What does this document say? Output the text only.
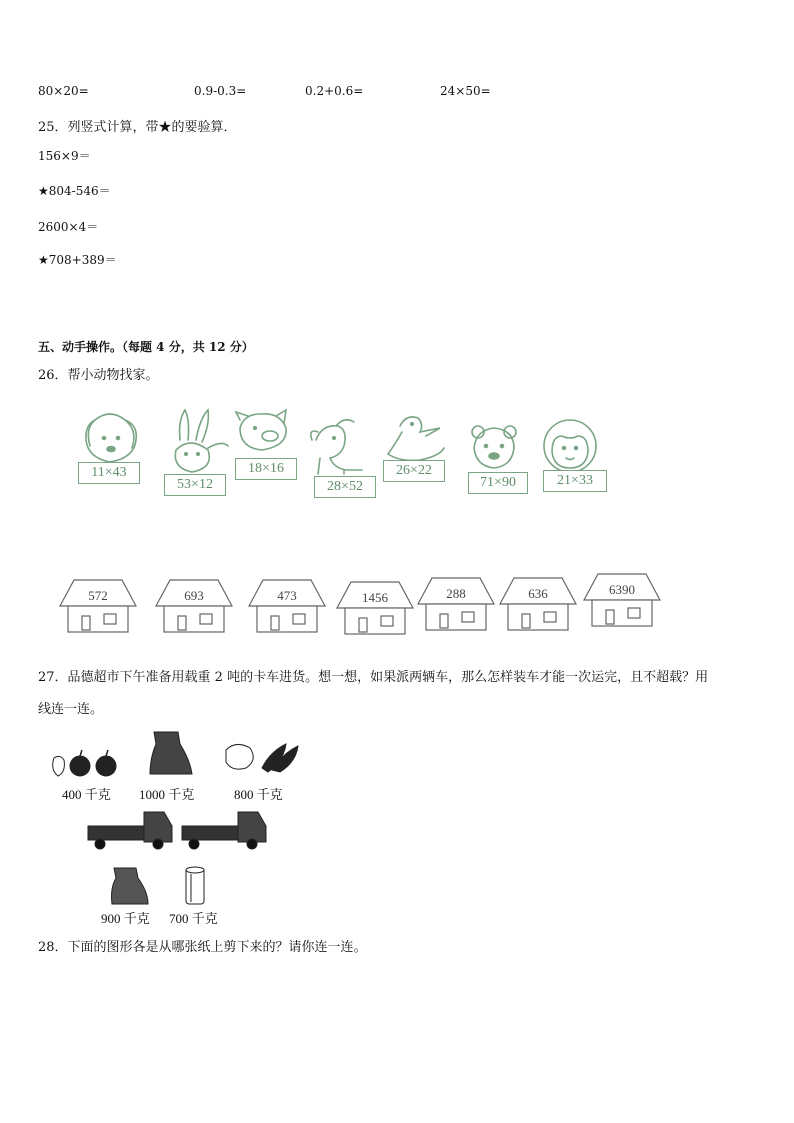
80×20=	0.9-0.3=	0.2+0.6=	24×50=
25．列竖式计算，带★的要验算．
156×9＝
★804-546＝
2600×4＝
★708+389＝
五、动手操作。（每题 4 分，共 12 分）
26．帮小动物找家。
11×43
53×12
18×16
28×52
26×22
71×90	21×33
572	693	473	1456	288	636	6390
27．品德超市下午准备用载重 2 吨的卡车进货。想一想，如果派两辆车，那么怎样装车才能一次运完，且不超载？用
线连一连。
400 千克 1000 千克	800 千克
900 千克 700 千克
28．下面的图形各是从哪张纸上剪下来的？请你连一连。
